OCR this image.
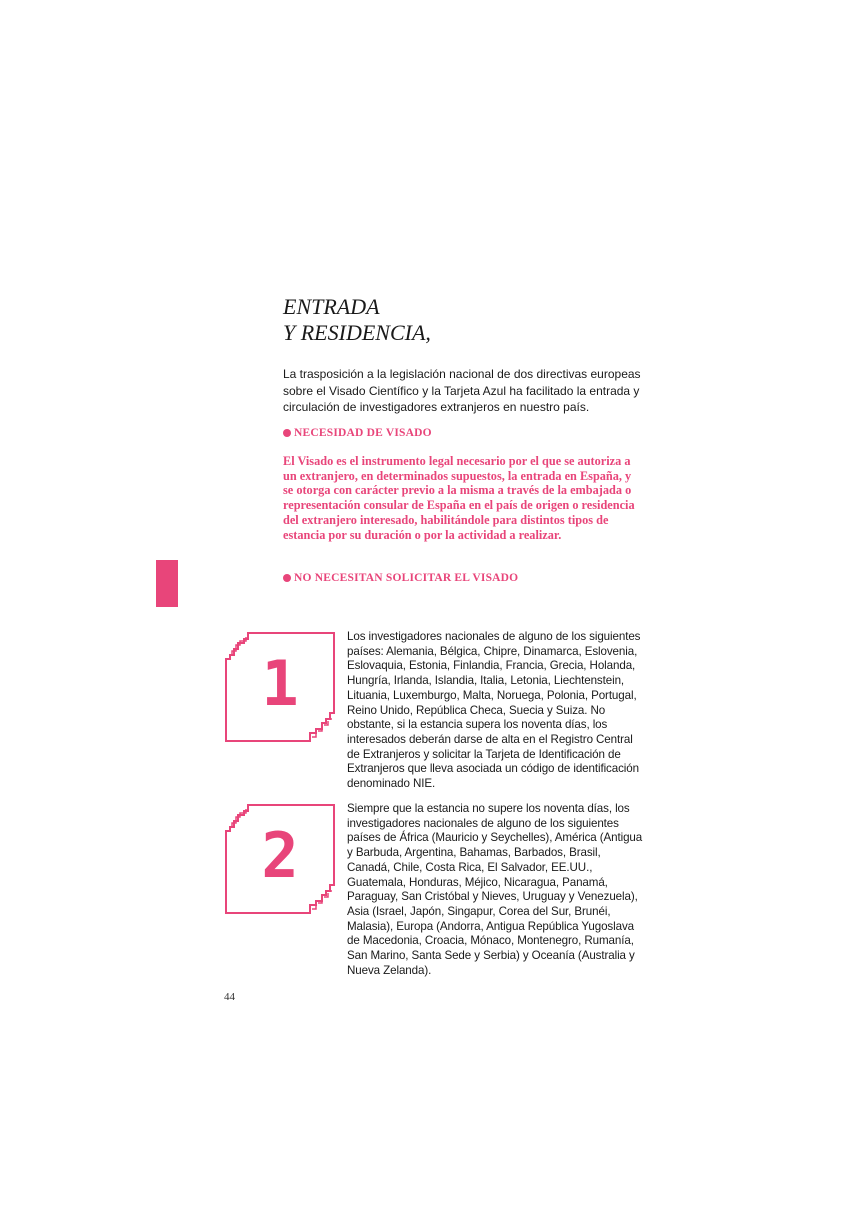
ENTRADA
Y RESIDENCIA,

La trasposición a la legislación nacional de dos directivas europeas sobre el Visado Científico y la Tarjeta Azul ha facilitado la entrada y circulación de investigadores extranjeros en nuestro país.

NECESIDAD DE VISADO

El Visado es el instrumento legal necesario por el que se autoriza a un extranjero, en determinados supuestos, la entrada en España, y se otorga con carácter previo a la misma a través de la embajada o representación consular de España en el país de origen o residencia del extranjero interesado, habilitándole para distintos tipos de estancia por su duración o por la actividad a realizar.

NO NECESITAN SOLICITAR EL VISADO
1

Los investigadores nacionales de alguno de los siguientes países: Alemania, Bélgica, Chipre, Dinamarca, Eslovenia, Eslovaquia, Estonia, Finlandia, Francia, Grecia, Holanda, Hungría, Irlanda, Islandia, Italia, Letonia, Liechtenstein, Lituania, Luxemburgo, Malta, Noruega, Polonia, Portugal, Reino Unido, República Checa, Suecia y Suiza. No obstante, si la estancia supera los noventa días, los interesados deberán darse de alta en el Registro Central de Extranjeros y solicitar la Tarjeta de Identificación de Extranjeros que lleva asociada un código de identificación denominado NIE.

2

Siempre que la estancia no supere los noventa días, los investigadores nacionales de alguno de los siguientes países de África (Mauricio y Seychelles), América (Antigua y Barbuda, Argentina, Bahamas, Barbados, Brasil, Canadá, Chile, Costa Rica, El Salvador, EE.UU., Guatemala, Honduras, Méjico, Nicaragua, Panamá, Paraguay, San Cristóbal y Nieves, Uruguay y Venezuela), Asia (Israel, Japón, Singapur, Corea del Sur, Brunéi, Malasia), Europa (Andorra, Antigua República Yugoslava de Macedonia, Croacia, Mónaco, Montenegro, Rumanía, San Marino, Santa Sede y Serbia) y Oceanía (Australia y Nueva Zelanda).

44
